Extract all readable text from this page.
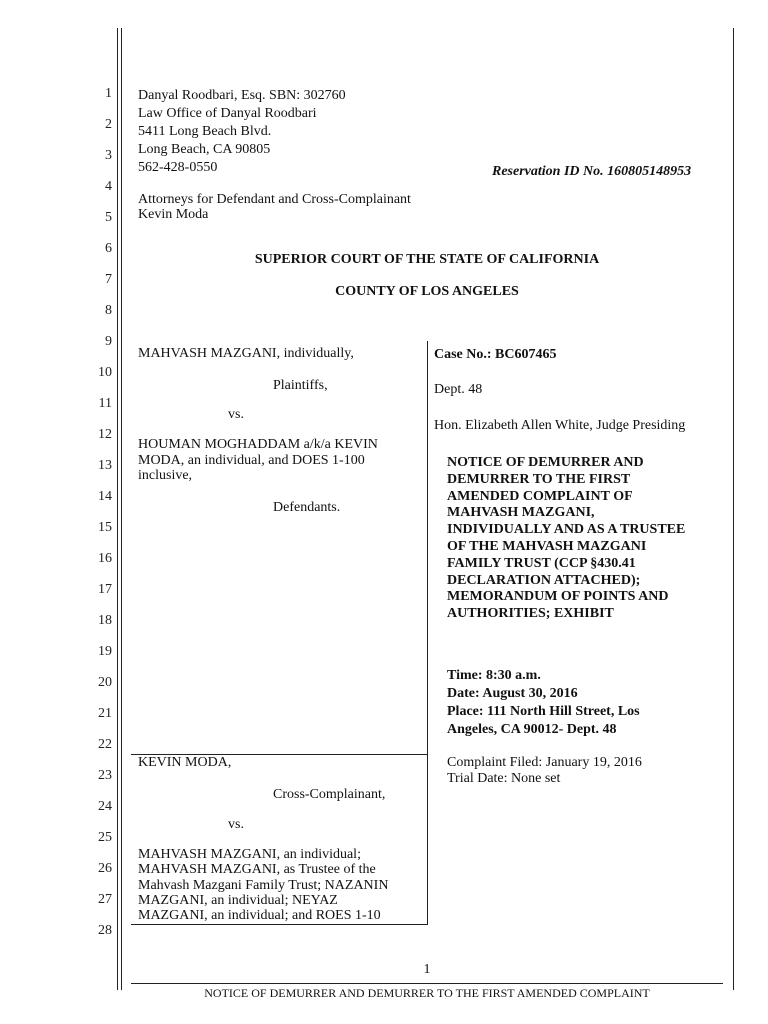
1
2
3
4
5
6
7
8
9
10
11
12
13
14
15
16
17
18
19
20
21
22
23
24
25
26
27
28
Danyal Roodbari, Esq. SBN: 302760
Law Office of Danyal Roodbari
5411 Long Beach Blvd.
Long Beach, CA 90805
562-428-0550	Reservation ID No. 160805148953
Attorneys for Defendant and Cross-Complainant
Kevin Moda
SUPERIOR COURT OF THE STATE OF CALIFORNIA
COUNTY OF LOS ANGELES
MAHVASH MAZGANI, individually,
Plaintiffs,
vs.
HOUMAN MOGHADDAM a/k/a KEVIN
MODA, an individual, and DOES 1-100
inclusive,
Defendants.
KEVIN MODA,
Cross-Complainant,
vs.
MAHVASH MAZGANI, an individual;
MAHVASH MAZGANI, as Trustee of the
Mahvash Mazgani Family Trust; NAZANIN
MAZGANI, an individual; NEYAZ
MAZGANI, an individual; and ROES 1-10
Case No.: BC607465
Dept. 48
Hon. Elizabeth Allen White, Judge Presiding
NOTICE OF DEMURRER AND
DEMURRER TO THE FIRST
AMENDED COMPLAINT OF
MAHVASH MAZGANI,
INDIVIDUALLY AND AS A TRUSTEE
OF THE MAHVASH MAZGANI
FAMILY TRUST (CCP §430.41
DECLARATION ATTACHED);
MEMORANDUM OF POINTS AND
AUTHORITIES; EXHIBIT
Time: 8:30 a.m.
Date: August 30, 2016
Place: 111 North Hill Street, Los
Angeles, CA 90012- Dept. 48
Complaint Filed: January 19, 2016
Trial Date: None set
1
NOTICE OF DEMURRER AND DEMURRER TO THE FIRST AMENDED COMPLAINT
